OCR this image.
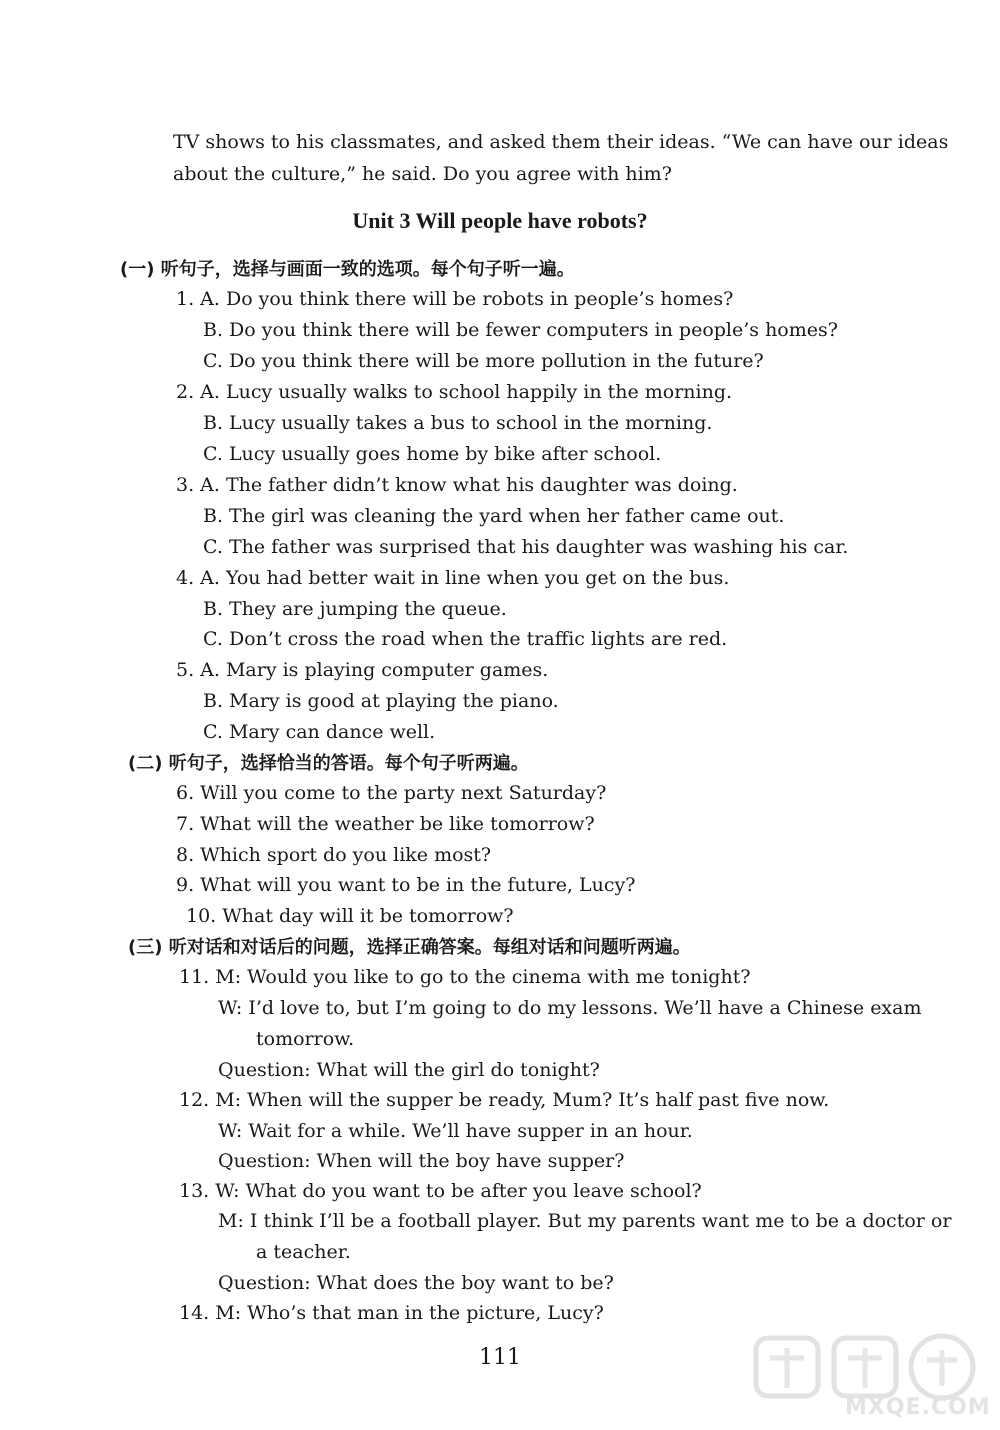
TV shows to his classmates, and asked them their ideas. “We can have our ideas
about the culture,” he said. Do you agree with him?
Unit 3 Will people have robots?
(一) 听句子，选择与画面一致的选项。每个句子听一遍。
1. A. Do you think there will be robots in people’s homes?
B. Do you think there will be fewer computers in people’s homes?
C. Do you think there will be more pollution in the future?
2. A. Lucy usually walks to school happily in the morning.
B. Lucy usually takes a bus to school in the morning.
C. Lucy usually goes home by bike after school.
3. A. The father didn’t know what his daughter was doing.
B. The girl was cleaning the yard when her father came out.
C. The father was surprised that his daughter was washing his car.
4. A. You had better wait in line when you get on the bus.
B. They are jumping the queue.
C. Don’t cross the road when the traffic lights are red.
5. A. Mary is playing computer games.
B. Mary is good at playing the piano.
C. Mary can dance well.
(二) 听句子，选择恰当的答语。每个句子听两遍。
6. Will you come to the party next Saturday?
7. What will the weather be like tomorrow?
8. Which sport do you like most?
9. What will you want to be in the future, Lucy?
10. What day will it be tomorrow?
(三) 听对话和对话后的问题，选择正确答案。每组对话和问题听两遍。
11. M: Would you like to go to the cinema with me tonight?
W: I’d love to, but I’m going to do my lessons. We’ll have a Chinese exam
tomorrow.
Question: What will the girl do tonight?
12. M: When will the supper be ready, Mum? It’s half past five now.
W: Wait for a while. We’ll have supper in an hour.
Question: When will the boy have supper?
13. W: What do you want to be after you leave school?
M: I think I’ll be a football player. But my parents want me to be a doctor or
a teacher.
Question: What does the boy want to be?
14. M: Who’s that man in the picture, Lucy?
111
MXQE.COM
